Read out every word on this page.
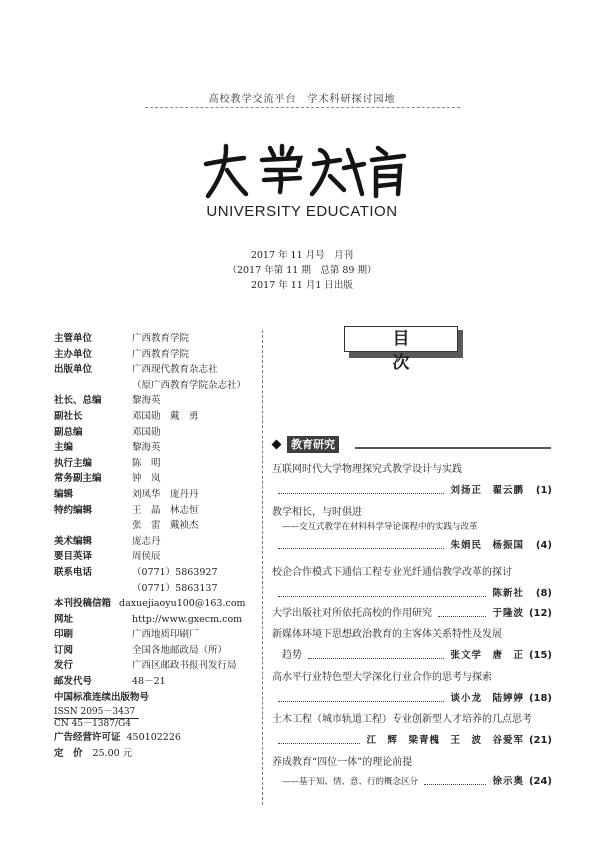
高校教学交流平台　学术科研探讨园地
UNIVERSITY EDUCATION
2017 年 11 月号　月刊
（2017 年第 11 期　总第 89 期）
2017 年 11 月1 日出版
主管单位	广西教育学院
主办单位	广西教育学院
出版单位	广西现代教育杂志社
（原广西教育学院杂志社）
社长、总编	黎海英
副社长	邓国勋　戴　勇
副总编	邓国勋
主编	黎海英
执行主编	陈　明
常务副主编	钟　岚
编辑	刘凤华　庞丹丹
特约编辑	王　晶　林志恒
张　雷　戴祯杰
美术编辑	庞志丹
要目英译	周侯辰
联系电话	（0771）5863927
（0771）5863137
本刊投稿信箱 daxuejiaoyu100@163.com
网址	http://www.gxecm.com
印刷	广西地质印刷厂
订阅	全国各地邮政局（所）
发行	广西区邮政书报刊发行局
邮发代号	48－21
中国标准连续出版物号
ISSN 2095－3437
CN 45－1387/G4
广告经营许可证 450102226
定　价	25.00 元
目次
教育研究
互联网时代大学物理探究式教学设计与实践
刘扬正　翟云鹏	(1)
教学相长，与时俱进
——交互式教学在材料科学导论课程中的实践与改革
朱娟民　杨振国	(4)
校企合作模式下通信工程专业光纤通信教学改革的探讨
陈新社	(8)
大学出版社对所依托高校的作用研究	于隆波 (12)
新媒体环境下思想政治教育的主客体关系特性及发展
趋势	张文学　唐　正 (15)
高水平行业特色型大学深化行业合作的思考与探索
谈小龙　陆婷婷 (18)
土木工程（城市轨道工程）专业创新型人才培养的几点思考
江　辉　梁青槐　王　波　谷爱军 (21)
养成教育“四位一体”的理论前提
——基于知、情、意、行的概念区分	徐示奥 (24)
